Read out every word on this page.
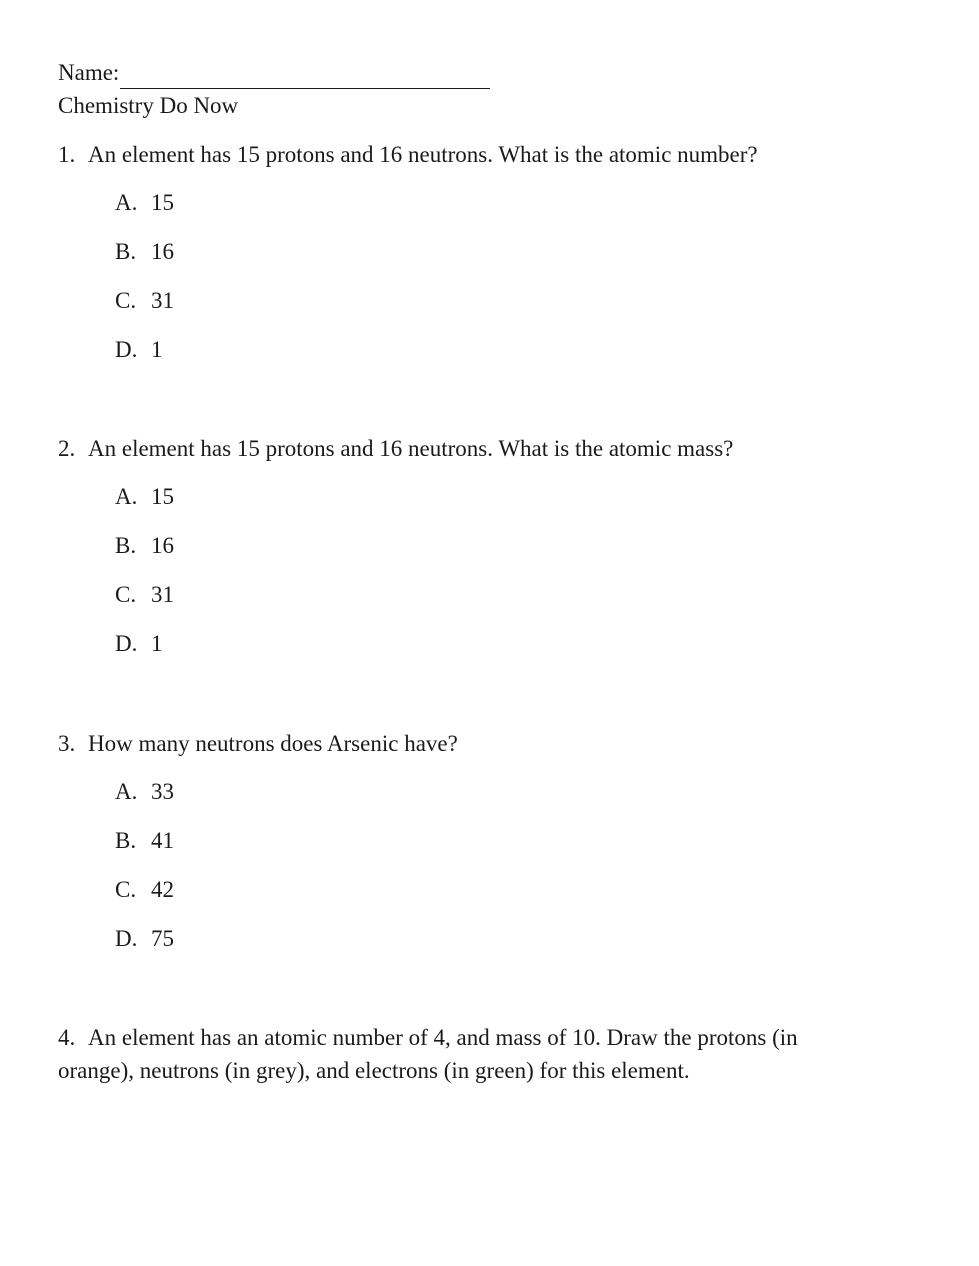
Name:
Chemistry Do Now
1. An element has 15 protons and 16 neutrons. What is the atomic number?
A. 15
B. 16
C. 31
D. 1
2. An element has 15 protons and 16 neutrons. What is the atomic mass?
A. 15
B. 16
C. 31
D. 1
3. How many neutrons does Arsenic have?
A. 33
B. 41
C. 42
D. 75
4. An element has an atomic number of 4, and mass of 10. Draw the protons (in orange), neutrons (in grey), and electrons (in green) for this element.
